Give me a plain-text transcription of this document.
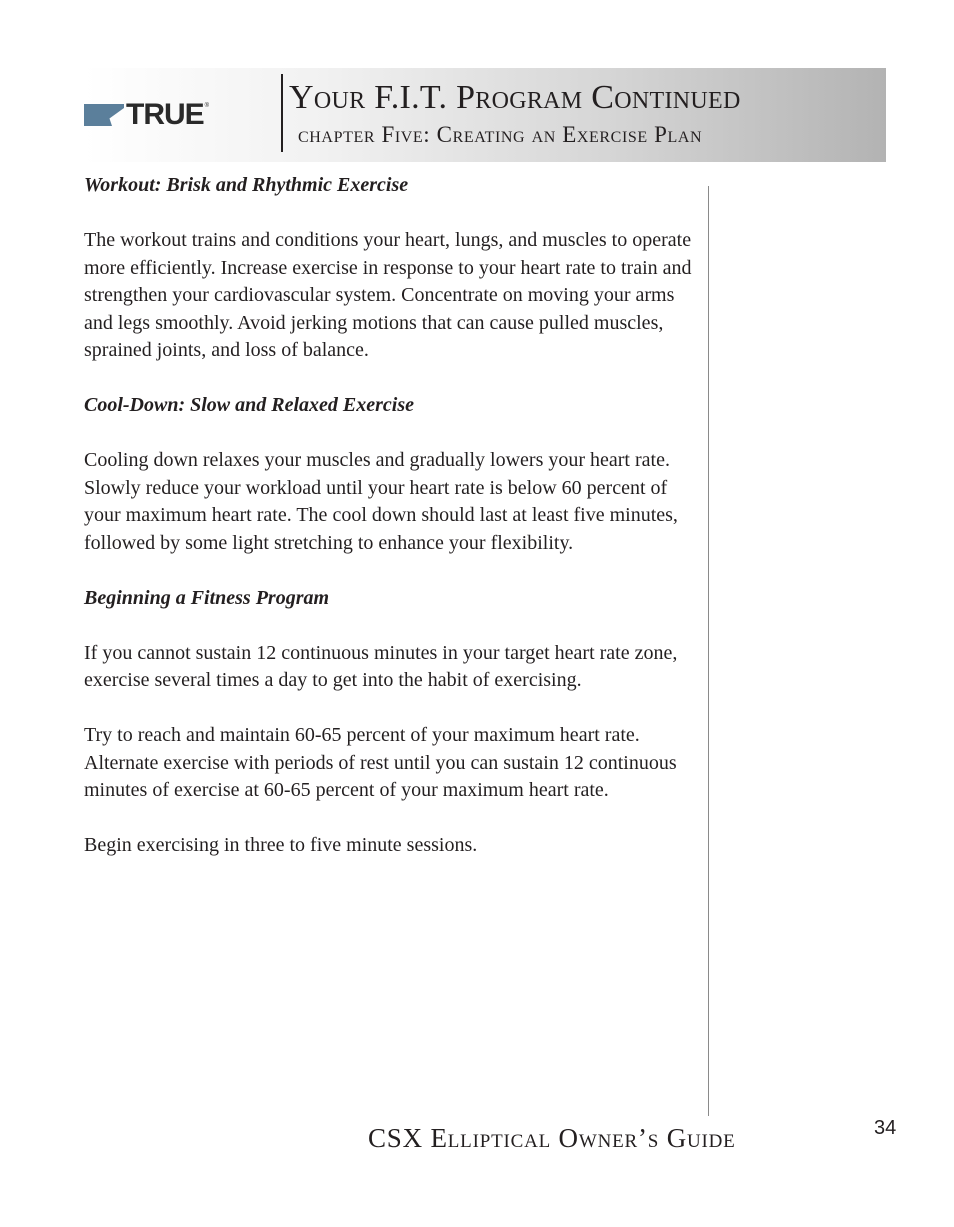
TRUE ® Your F.I.T. Program Continued
chapter Five: Creating an Exercise Plan
Workout: Brisk and Rhythmic Exercise

The workout trains and conditions your heart, lungs, and muscles to operate more efficiently. Increase exercise in response to your heart rate to train and strengthen your cardiovascular system. Concentrate on moving your arms and legs smoothly. Avoid jerking motions that can cause pulled muscles, sprained joints, and loss of balance.

Cool-Down: Slow and Relaxed Exercise

Cooling down relaxes your muscles and gradually lowers your heart rate. Slowly reduce your workload until your heart rate is below 60 percent of your maximum heart rate. The cool down should last at least five minutes, followed by some light stretching to enhance your flexibility.

Beginning a Fitness Program

If you cannot sustain 12 continuous minutes in your target heart rate zone, exercise several times a day to get into the habit of exercising.

Try to reach and maintain 60-65 percent of your maximum heart rate. Alternate exercise with periods of rest until you can sustain 12 continuous minutes of exercise at 60-65 percent of your maximum heart rate.

Begin exercising in three to five minute sessions.

CSX Elliptical Owner’s Guide	34
